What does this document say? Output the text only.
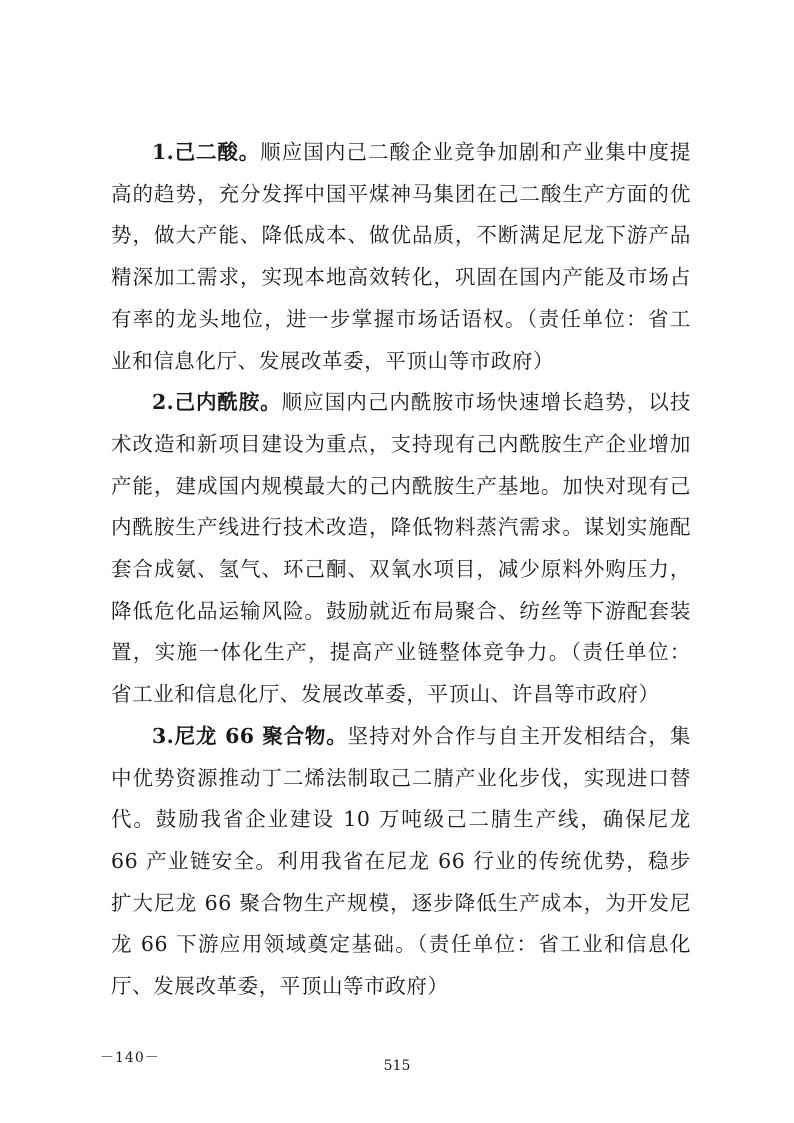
1.己二酸。顺应国内己二酸企业竞争加剧和产业集中度提高的趋势，充分发挥中国平煤神马集团在己二酸生产方面的优势，做大产能、降低成本、做优品质，不断满足尼龙下游产品精深加工需求，实现本地高效转化，巩固在国内产能及市场占有率的龙头地位，进一步掌握市场话语权。（责任单位：省工业和信息化厅、发展改革委，平顶山等市政府）

2.己内酰胺。顺应国内己内酰胺市场快速增长趋势，以技术改造和新项目建设为重点，支持现有己内酰胺生产企业增加产能，建成国内规模最大的己内酰胺生产基地。加快对现有己内酰胺生产线进行技术改造，降低物料蒸汽需求。谋划实施配套合成氨、氢气、环己酮、双氧水项目，减少原料外购压力，降低危化品运输风险。鼓励就近布局聚合、纺丝等下游配套装置，实施一体化生产，提高产业链整体竞争力。（责任单位：省工业和信息化厅、发展改革委，平顶山、许昌等市政府）

3.尼龙 66 聚合物。坚持对外合作与自主开发相结合，集中优势资源推动丁二烯法制取己二腈产业化步伐，实现进口替代。鼓励我省企业建设 10 万吨级己二腈生产线，确保尼龙 66 产业链安全。利用我省在尼龙 66 行业的传统优势，稳步扩大尼龙 66 聚合物生产规模，逐步降低生产成本，为开发尼龙 66 下游应用领域奠定基础。（责任单位：省工业和信息化厅、发展改革委，平顶山等市政府）

－140－	515
